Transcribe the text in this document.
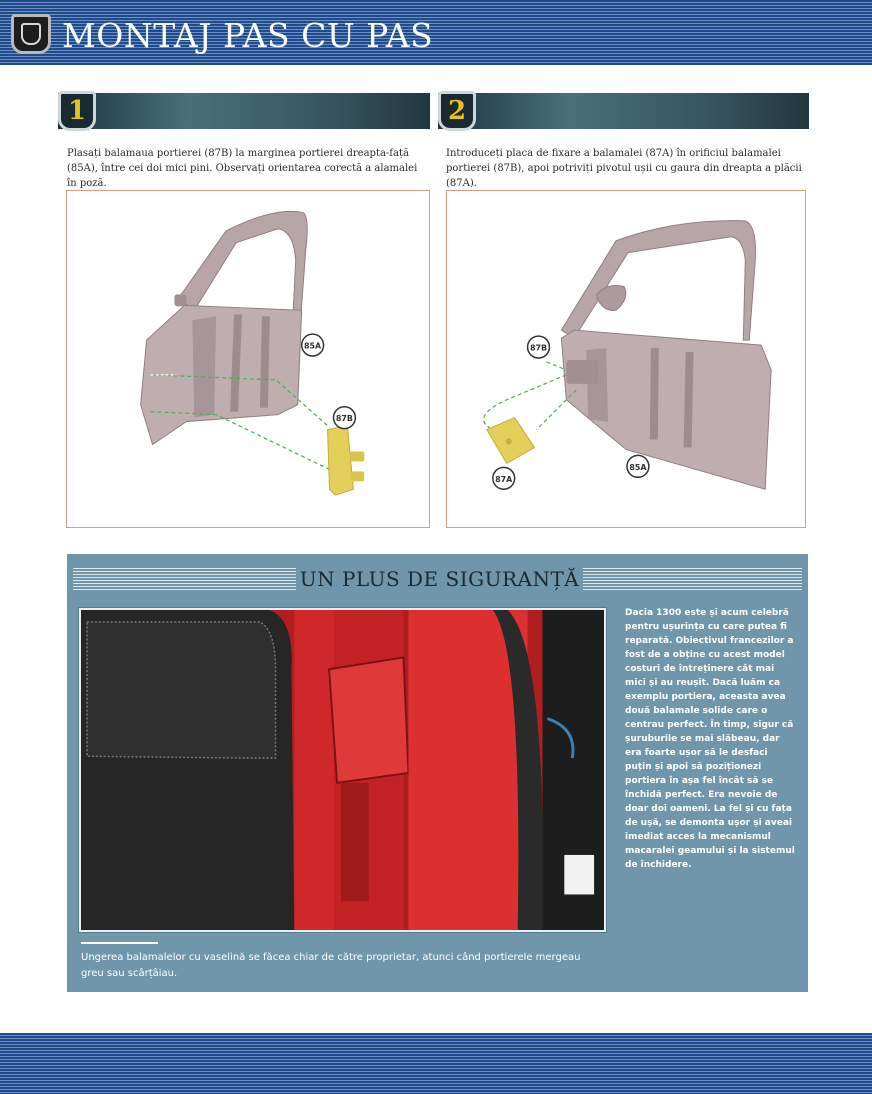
MONTAJ PAS CU PAS
1	2

Plasați balamaua portierei (87B) la marginea portierei dreapta-față (85A), între cei doi mici pini. Observați orientarea corectă a alamalei în poză.

Introduceți placa de fixare a balamalei (87A) în orificiul balamalei portierei (87B), apoi potriviți pivotul ușii cu gaura din dreapta a plăcii (87A).

85A
87B
87B
87A
85A
UN PLUS DE SIGURANȚĂ

Dacia 1300 este și acum celebră pentru ușurința cu care putea fi reparată. Obiectivul francezilor a fost de a obține cu acest model costuri de întreținere cât mai mici și au reușit. Dacă luăm ca exemplu portiera, aceasta avea două balamale solide care o centrau perfect. În timp, sigur că șuruburile se mai slăbeau, dar era foarte ușor să le desfaci puțin și apoi să poziționezi portiera în așa fel încât să se închidă perfect. Era nevoie de doar doi oameni. La fel și cu fața de ușă, se demonta ușor și aveai imediat acces la mecanismul macaralei geamului și la sistemul de închidere.

Ungerea balamalelor cu vaselină se făcea chiar de către proprietar, atunci când portierele mergeau greu sau scârțâiau.
